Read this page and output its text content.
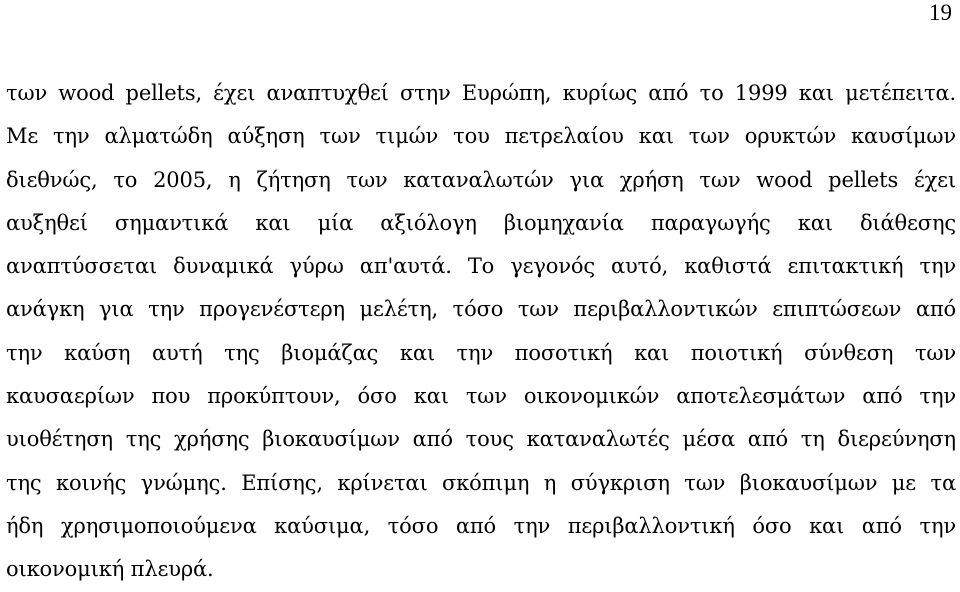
19
των wood pellets, έχει αναπτυχθεί στην Ευρώπη, κυρίως από το 1999 και μετέπειτα.
Με την αλματώδη αύξηση των τιμών του πετρελαίου και των ορυκτών καυσίμων
διεθνώς, το 2005, η ζήτηση των καταναλωτών για χρήση των wood pellets έχει
αυξηθεί σημαντικά και μία αξιόλογη βιομηχανία παραγωγής και διάθεσης
αναπτύσσεται δυναμικά γύρω απ'αυτά. Το γεγονός αυτό, καθιστά επιτακτική την
ανάγκη για την προγενέστερη μελέτη, τόσο των περιβαλλοντικών επιπτώσεων από
την καύση αυτή της βιομάζας και την ποσοτική και ποιοτική σύνθεση των
καυσαερίων που προκύπτουν, όσο και των οικονομικών αποτελεσμάτων από την
υιοθέτηση της χρήσης βιοκαυσίμων από τους καταναλωτές μέσα από τη διερεύνηση
της κοινής γνώμης. Επίσης, κρίνεται σκόπιμη η σύγκριση των βιοκαυσίμων με τα
ήδη χρησιμοποιούμενα καύσιμα, τόσο από την περιβαλλοντική όσο και από την
οικονομική πλευρά.
